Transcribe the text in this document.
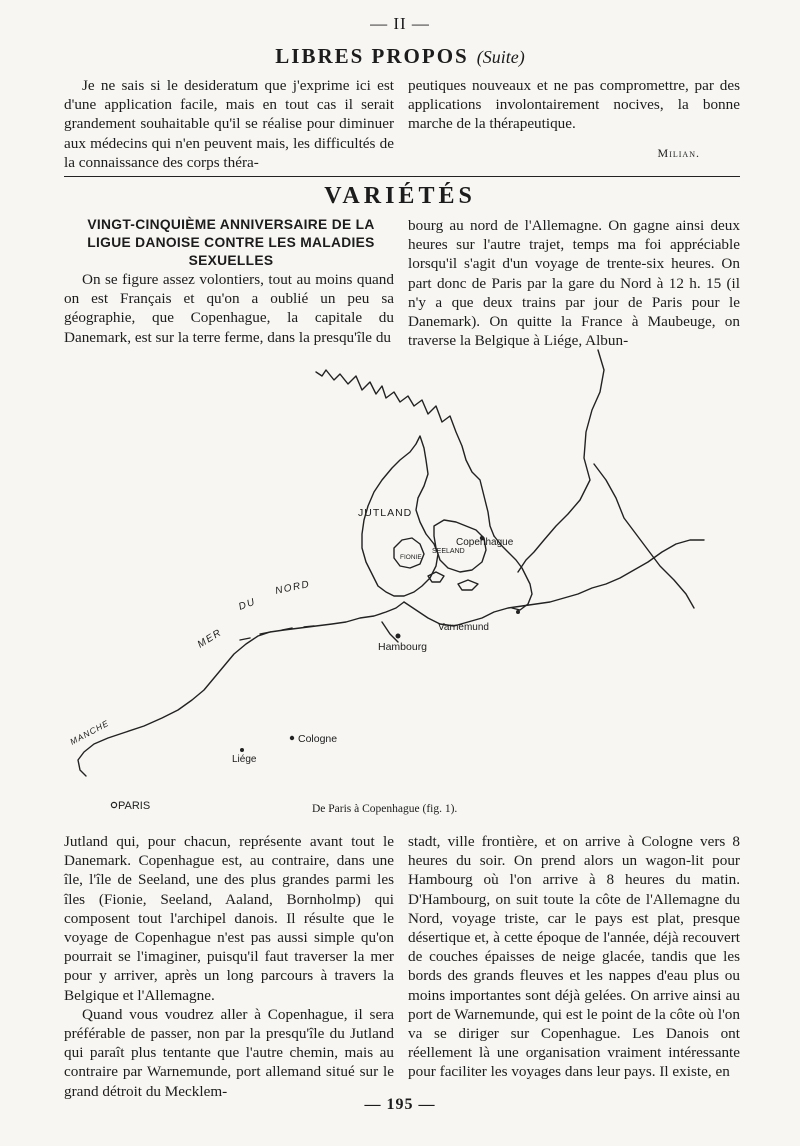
— II —
LIBRES PROPOS (Suite)

Je ne sais si le desideratum que j'exprime ici est d'une application facile, mais en tout cas il serait grandement souhaitable qu'il se réalise pour diminuer aux médecins qui n'en peuvent mais, les difficultés de la connaissance des corps théra-

peutiques nouveaux et ne pas compromettre, par des applications involontairement nocives, la bonne marche de la thérapeutique.

Milian.
VARIÉTÉS
VINGT-CINQUIÈME ANNIVERSAIRE DE LA LIGUE DANOISE CONTRE LES MALADIES SEXUELLES

On se figure assez volontiers, tout au moins quand on est Français et qu'on a oublié un peu sa géographie, que Copenhague, la capitale du Danemark, est sur la terre ferme, dans la presqu'île du

bourg au nord de l'Allemagne. On gagne ainsi deux heures sur l'autre trajet, temps ma foi appréciable lorsqu'il s'agit d'un voyage de trente-six heures. On part donc de Paris par la gare du Nord à 12 h. 15 (il n'y a que deux trains par jour de Paris pour le Danemark). On quitte la France à Maubeuge, on traverse la Belgique à Liége, Albun-

JUTLAND
Copenhague
SEELAND
FIONIE
Varnemund
Hambourg
MER
DU
NORD
MANCHE	Cologne
Liége
PARIS	De Paris à Copenhague (fig. 1).

Jutland qui, pour chacun, représente avant tout le Danemark. Copenhague est, au contraire, dans une île, l'île de Seeland, une des plus grandes parmi les îles (Fionie, Seeland, Aaland, Bornholmp) qui composent tout l'archipel danois. Il résulte que le voyage de Copenhague n'est pas aussi simple qu'on pourrait se l'imaginer, puisqu'il faut traverser la mer pour y arriver, après un long parcours à travers la Belgique et l'Allemagne.

Quand vous voudrez aller à Copenhague, il sera préférable de passer, non par la presqu'île du Jutland qui paraît plus tentante que l'autre chemin, mais au contraire par Warnemunde, port allemand situé sur le grand détroit du Mecklem-

stadt, ville frontière, et on arrive à Cologne vers 8 heures du soir. On prend alors un wagon-lit pour Hambourg où l'on arrive à 8 heures du matin. D'Hambourg, on suit toute la côte de l'Allemagne du Nord, voyage triste, car le pays est plat, presque désertique et, à cette époque de l'année, déjà recouvert de couches épaisses de neige glacée, tandis que les bords des grands fleuves et les nappes d'eau plus ou moins importantes sont déjà gelées. On arrive ainsi au port de Warnemunde, qui est le point de la côte où l'on va se diriger sur Copenhague. Les Danois ont réellement là une organisation vraiment intéressante pour faciliter les voyages dans leur pays. Il existe, en

— 195 —
